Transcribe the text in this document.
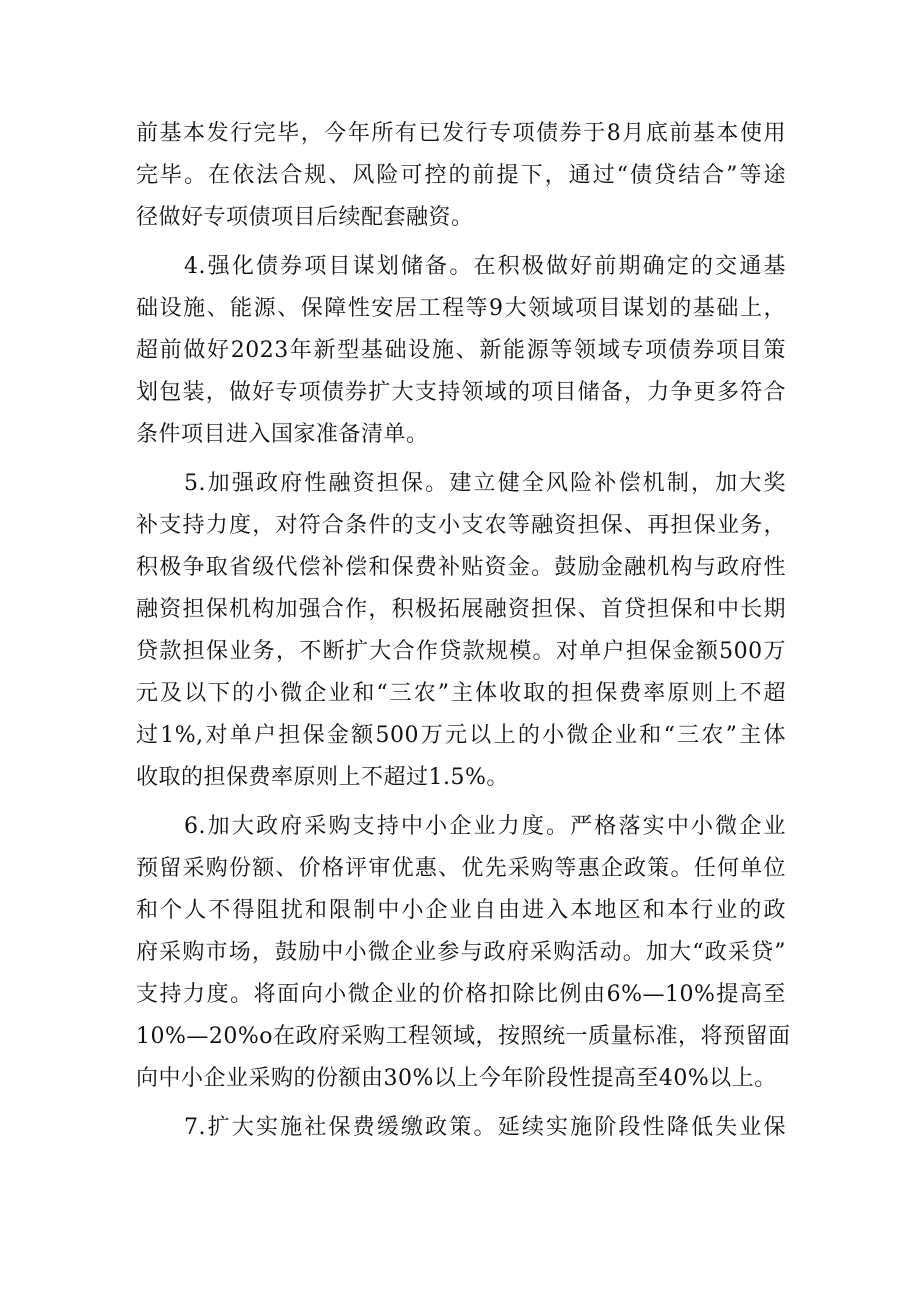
前基本发行完毕，今年所有已发行专项债券于8月底前基本使用
完毕。在依法合规、风险可控的前提下，通过“债贷结合”等途
径做好专项债项目后续配套融资。
4.强化债券项目谋划储备。在积极做好前期确定的交通基
础设施、能源、保障性安居工程等9大领域项目谋划的基础上，
超前做好2023年新型基础设施、新能源等领域专项债券项目策
划包装，做好专项债券扩大支持领域的项目储备，力争更多符合
条件项目进入国家准备清单。
5.加强政府性融资担保。建立健全风险补偿机制，加大奖
补支持力度，对符合条件的支小支农等融资担保、再担保业务，
积极争取省级代偿补偿和保费补贴资金。鼓励金融机构与政府性
融资担保机构加强合作，积极拓展融资担保、首贷担保和中长期
贷款担保业务，不断扩大合作贷款规模。对单户担保金额500万
元及以下的小微企业和“三农”主体收取的担保费率原则上不超
过1%,对单户担保金额500万元以上的小微企业和“三农”主体
收取的担保费率原则上不超过1.5%。
6.加大政府采购支持中小企业力度。严格落实中小微企业
预留采购份额、价格评审优惠、优先采购等惠企政策。任何单位
和个人不得阻扰和限制中小企业自由进入本地区和本行业的政
府采购市场，鼓励中小微企业参与政府采购活动。加大“政采贷”
支持力度。将面向小微企业的价格扣除比例由6%—10%提高至
10%—20%o在政府采购工程领域，按照统一质量标准，将预留面
向中小企业采购的份额由30%以上今年阶段性提高至40%以上。
7.扩大实施社保费缓缴政策。延续实施阶段性降低失业保
